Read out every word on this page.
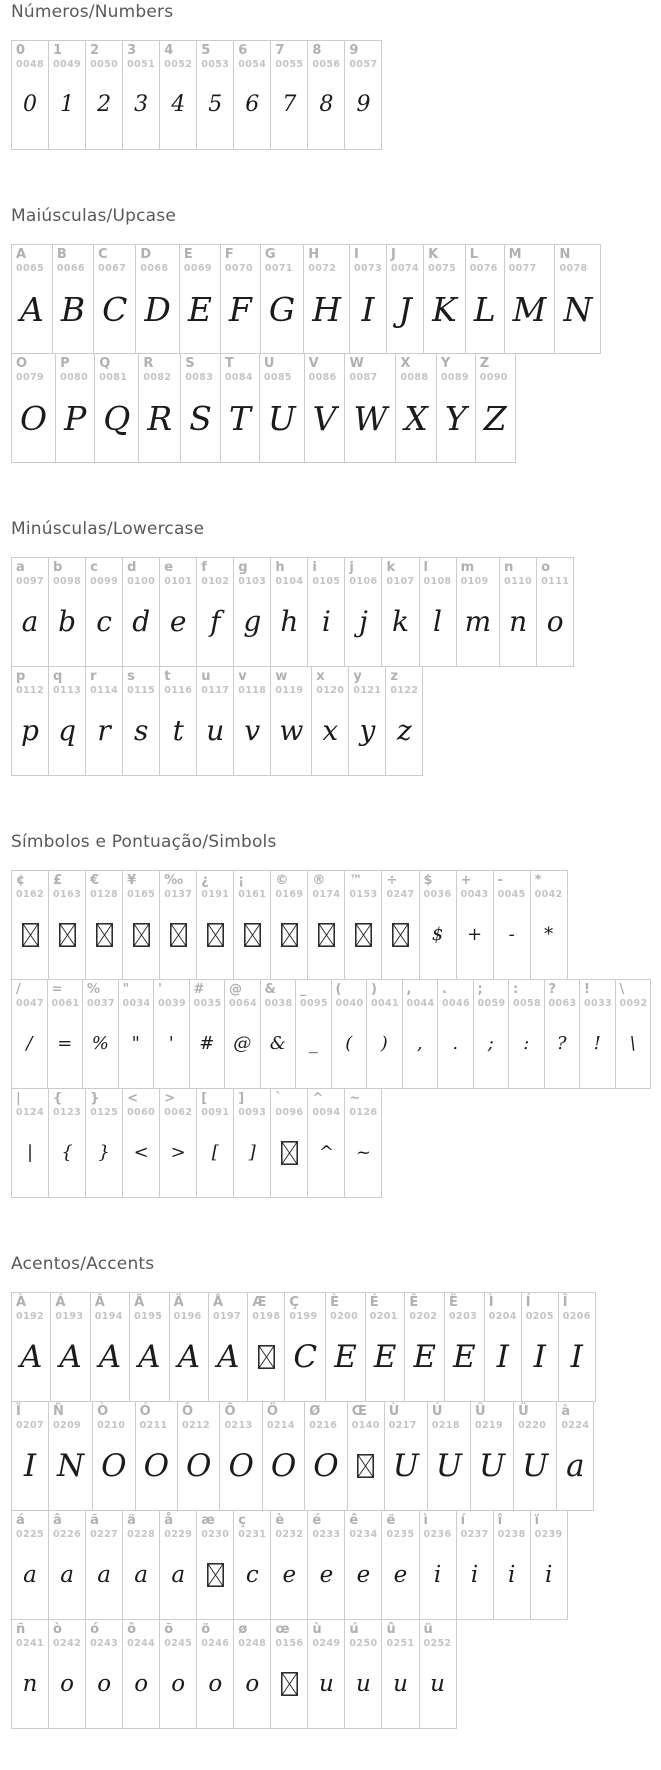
Números/Numbers
0
0048
0
1
0049
1
2
0050
2
3
0051
3
4
0052
4
5
0053
5
6
0054
6
7
0055
7
8
0056
8
9
0057
9
Maiúsculas/Upcase
A
0065
A
B
0066
B
C
0067
C
D
0068
D
E
0069
E
F
0070
F
G
0071
G
H
0072
H
I
0073
I
J
0074
J
K
0075
K
L
0076
L
M
0077
M
N
0078
N
O
0079
O
P
0080
P
Q
0081
Q
R
0082
R
S
0083
S
T
0084
T
U
0085
U
V
0086
V
W
0087
W
X
0088
X
Y
0089
Y
Z
0090
Z
Minúsculas/Lowercase
a
0097
a
b
0098
b
c
0099
c
d
0100
d
e
0101
e
f
0102
f
g
0103
g
h
0104
h
i
0105
i
j
0106
j
k
0107
k
l
0108
l
m
0109
m
n
0110
n
o
0111
o
p
0112
p
q
0113
q
r
0114
r
s
0115
s
t
0116
t
u
0117
u
v
0118
v
w
0119
w
x
0120
x
y
0121
y
z
0122
z
Símbolos e Pontuação/Simbols
¢
0162
£
0163
€
0128
¥
0165
‰
0137
¿
0191
¡
0161
©
0169
®
0174
™
0153
÷
0247
$
0036
$
+
0043
+
-
0045
-
*
0042
*
/
0047
/
=
0061
=
%
0037
%
"
0034
"
'
0039
'
#
0035
#
@
0064
@
&
0038
&
_
0095
_
(
0040
(
)
0041
)
,
0044
,
.
0046
.
;
0059
;
:
0058
:
?
0063
?
!
0033
!
\
0092
\
|
0124
|
{
0123
{
}
0125
}
<
0060
<
>
0062
>
[
0091
[
]
0093
]
`
0096
^
0094
^
~
0126
~
Acentos/Accents
À
0192
A
Á
0193
A
Â
0194
A
Ã
0195
A
Ä
0196
A
Å
0197
A
Æ
0198
Ç
0199
C
È
0200
E
É
0201
E
Ê
0202
E
Ë
0203
E
Ì
0204
I
Í
0205
I
Î
0206
I
Ï
0207
I
Ñ
0209
N
Ò
0210
O
Ó
0211
O
Ô
0212
O
Õ
0213
O
Ö
0214
O
Ø
0216
O
Œ
0140
Ù
0217
U
Ú
0218
U
Û
0219
U
Ü
0220
U
à
0224
a
á
0225
a
â
0226
a
ã
0227
a
ä
0228
a
å
0229
a
æ
0230
ç
0231
c
è
0232
e
é
0233
e
ê
0234
e
ë
0235
e
ì
0236
i
í
0237
i
î
0238
i
ï
0239
i
ñ
0241
n
ò
0242
o
ó
0243
o
ô
0244
o
õ
0245
o
ö
0246
o
ø
0248
o
œ
0156
ù
0249
u
ú
0250
u
û
0251
u
ü
0252
u
